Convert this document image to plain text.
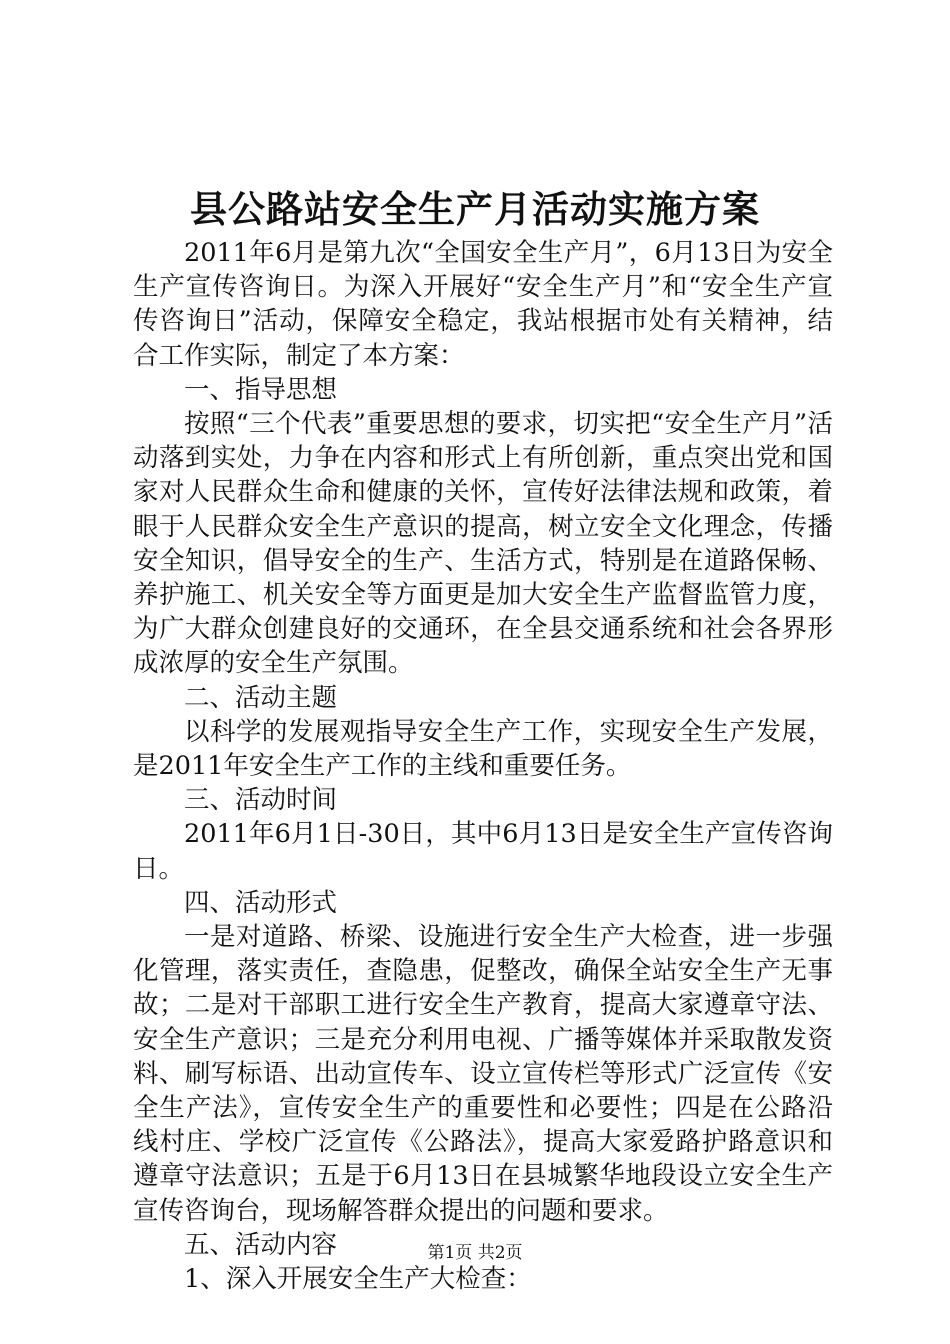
县公路站安全生产月活动实施方案

2011年6月是第九次“全国安全生产月”，6月13日为安全生产宣传咨询日。为深入开展好“安全生产月”和“安全生产宣传咨询日”活动，保障安全稳定，我站根据市处有关精神，结合工作实际，制定了本方案：

一、指导思想

按照“三个代表”重要思想的要求，切实把“安全生产月”活动落到实处，力争在内容和形式上有所创新，重点突出党和国家对人民群众生命和健康的关怀，宣传好法律法规和政策，着眼于人民群众安全生产意识的提高，树立安全文化理念，传播安全知识，倡导安全的生产、生活方式，特别是在道路保畅、养护施工、机关安全等方面更是加大安全生产监督监管力度，为广大群众创建良好的交通环，在全县交通系统和社会各界形成浓厚的安全生产氛围。

二、活动主题

以科学的发展观指导安全生产工作，实现安全生产发展，是2011年安全生产工作的主线和重要任务。

三、活动时间

2011年6月1日-30日，其中6月13日是安全生产宣传咨询日。

四、活动形式

一是对道路、桥梁、设施进行安全生产大检查，进一步强化管理，落实责任，查隐患，促整改，确保全站安全生产无事故；二是对干部职工进行安全生产教育，提高大家遵章守法、安全生产意识；三是充分利用电视、广播等媒体并采取散发资料、刷写标语、出动宣传车、设立宣传栏等形式广泛宣传《安全生产法》，宣传安全生产的重要性和必要性；四是在公路沿线村庄、学校广泛宣传《公路法》，提高大家爱路护路意识和遵章守法意识；五是于6月13日在县城繁华地段设立安全生产宣传咨询台，现场解答群众提出的问题和要求。

五、活动内容

1、深入开展安全生产大检查：

第1页 共2页
